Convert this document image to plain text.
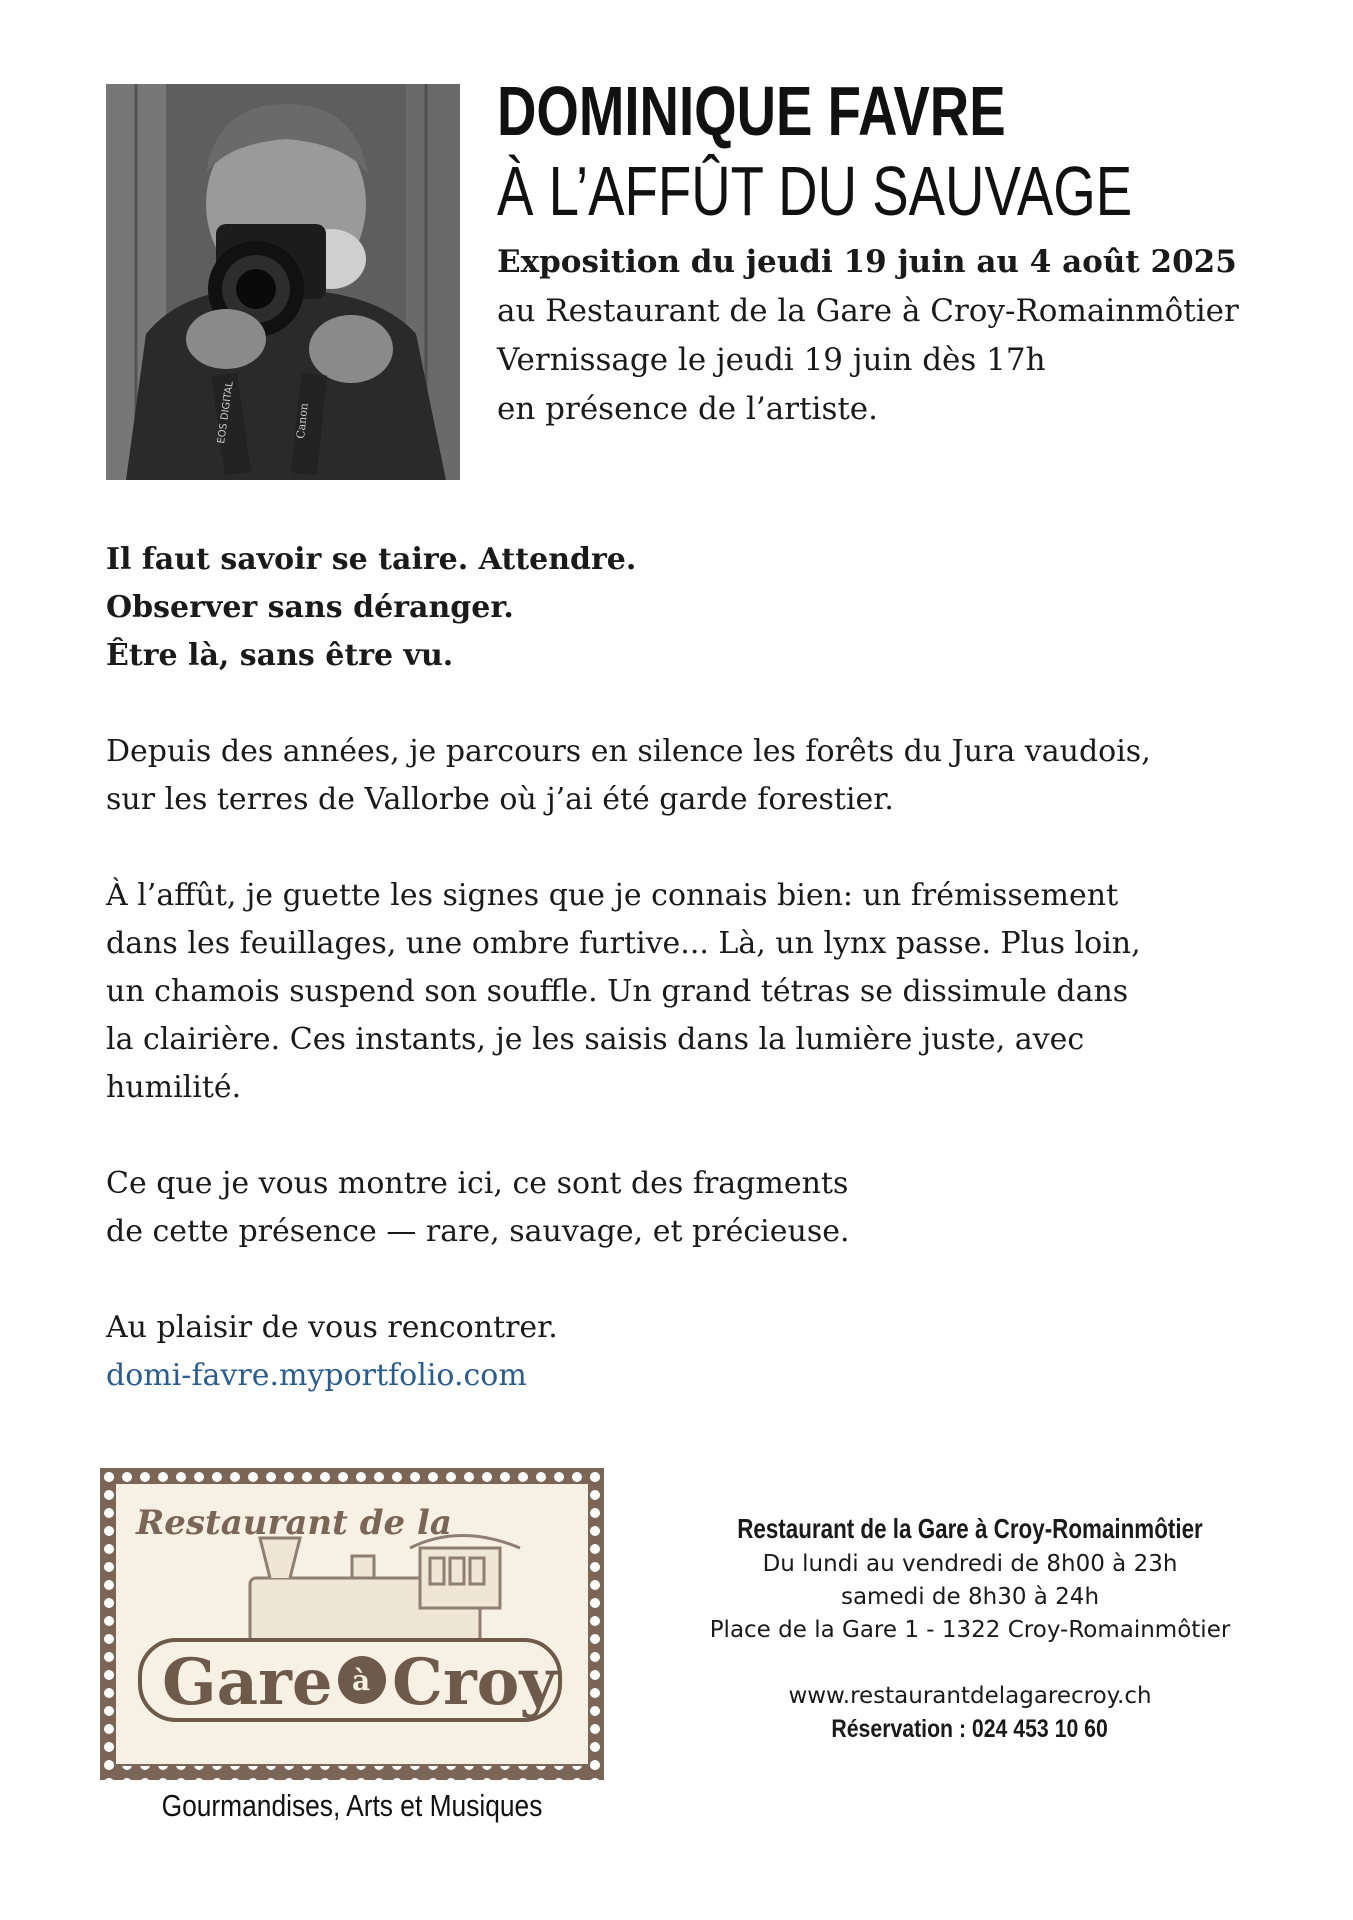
EOS DIGITAL	Canon
DOMINIQUE FAVRE
À L’AFFÛT DU SAUVAGE
Exposition du jeudi 19 juin au 4 août 2025
au Restaurant de la Gare à Croy-Romainmôtier
Vernissage le jeudi 19 juin dès 17h
en présence de l’artiste.

Il faut savoir se taire. Attendre.
Observer sans déranger.
Être là, sans être vu.

Depuis des années, je parcours en silence les forêts du Jura vaudois,
sur les terres de Vallorbe où j’ai été garde forestier.

À l’affût, je guette les signes que je connais bien: un frémissement
dans les feuillages, une ombre furtive... Là, un lynx passe. Plus loin,
un chamois suspend son souffle. Un grand tétras se dissimule dans
la clairière. Ces instants, je les saisis dans la lumière juste, avec
humilité.

Ce que je vous montre ici, ce sont des fragments
de cette présence — rare, sauvage, et précieuse.

Au plaisir de vous rencontrer.
domi-favre.myportfolio.com

Restaurant de la
Gare à Croy
Gourmandises, Arts et Musiques
Restaurant de la Gare à Croy-Romainmôtier
Du lundi au vendredi de 8h00 à 23h
samedi de 8h30 à 24h
Place de la Gare 1 - 1322 Croy-Romainmôtier
www.restaurantdelagarecroy.ch
Réservation : 024 453 10 60
